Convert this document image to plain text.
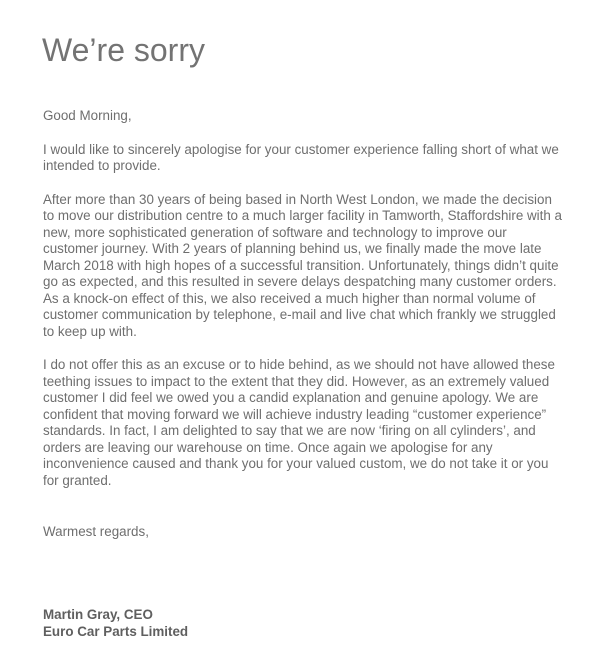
We’re sorry

Good Morning,

I would like to sincerely apologise for your customer experience falling short of what we intended to provide.

After more than 30 years of being based in North West London, we made the decision to move our distribution centre to a much larger facility in Tamworth, Staffordshire with a new, more sophisticated generation of software and technology to improve our customer journey. With 2 years of planning behind us, we finally made the move late March 2018 with high hopes of a successful transition. Unfortunately, things didn’t quite go as expected, and this resulted in severe delays despatching many customer orders. As a knock-on effect of this, we also received a much higher than normal volume of customer communication by telephone, e-mail and live chat which frankly we struggled to keep up with.

I do not offer this as an excuse or to hide behind, as we should not have allowed these teething issues to impact to the extent that they did. However, as an extremely valued customer I did feel we owed you a candid explanation and genuine apology. We are confident that moving forward we will achieve industry leading “customer experience” standards. In fact, I am delighted to say that we are now ‘firing on all cylinders’, and orders are leaving our warehouse on time. Once again we apologise for any inconvenience caused and thank you for your valued custom, we do not take it or you for granted.

Warmest regards,
Martin Gray, CEO
Euro Car Parts Limited
